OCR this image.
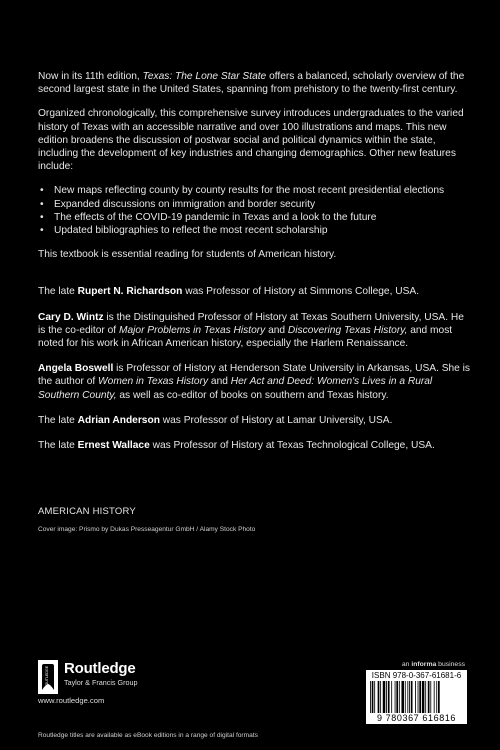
Now in its 11th edition, Texas: The Lone Star State offers a balanced, scholarly overview of the second largest state in the United States, spanning from prehistory to the twenty-first century.

Organized chronologically, this comprehensive survey introduces undergraduates to the varied history of Texas with an accessible narrative and over 100 illustrations and maps. This new edition broadens the discussion of postwar social and political dynamics within the state, including the development of key industries and changing demographics. Other new features include:

• New maps reflecting county by county results for the most recent presidential elections
• Expanded discussions on immigration and border security
• The effects of the COVID-19 pandemic in Texas and a look to the future
• Updated bibliographies to reflect the most recent scholarship

This textbook is essential reading for students of American history.

The late Rupert N. Richardson was Professor of History at Simmons College, USA.

Cary D. Wintz is the Distinguished Professor of History at Texas Southern University, USA. He is the co-editor of Major Problems in Texas History and Discovering Texas History, and most noted for his work in African American history, especially the Harlem Renaissance.

Angela Boswell is Professor of History at Henderson State University in Arkansas, USA. She is the author of Women in Texas History and Her Act and Deed: Women's Lives in a Rural Southern County, as well as co-editor of books on southern and Texas history.

The late Adrian Anderson was Professor of History at Lamar University, USA.

The late Ernest Wallace was Professor of History at Texas Technological College, USA.

AMERICAN HISTORY
Cover image: Prismo by Dukas Presseagentur GmbH / Alamy Stock Photo
ROUTLEDGE Routledge
Taylor & Francis Group
www.routledge.com
an informa business
ISBN 978-0-367-61681-6
9 780367 616816
Routledge titles are available as eBook editions in a range of digital formats
